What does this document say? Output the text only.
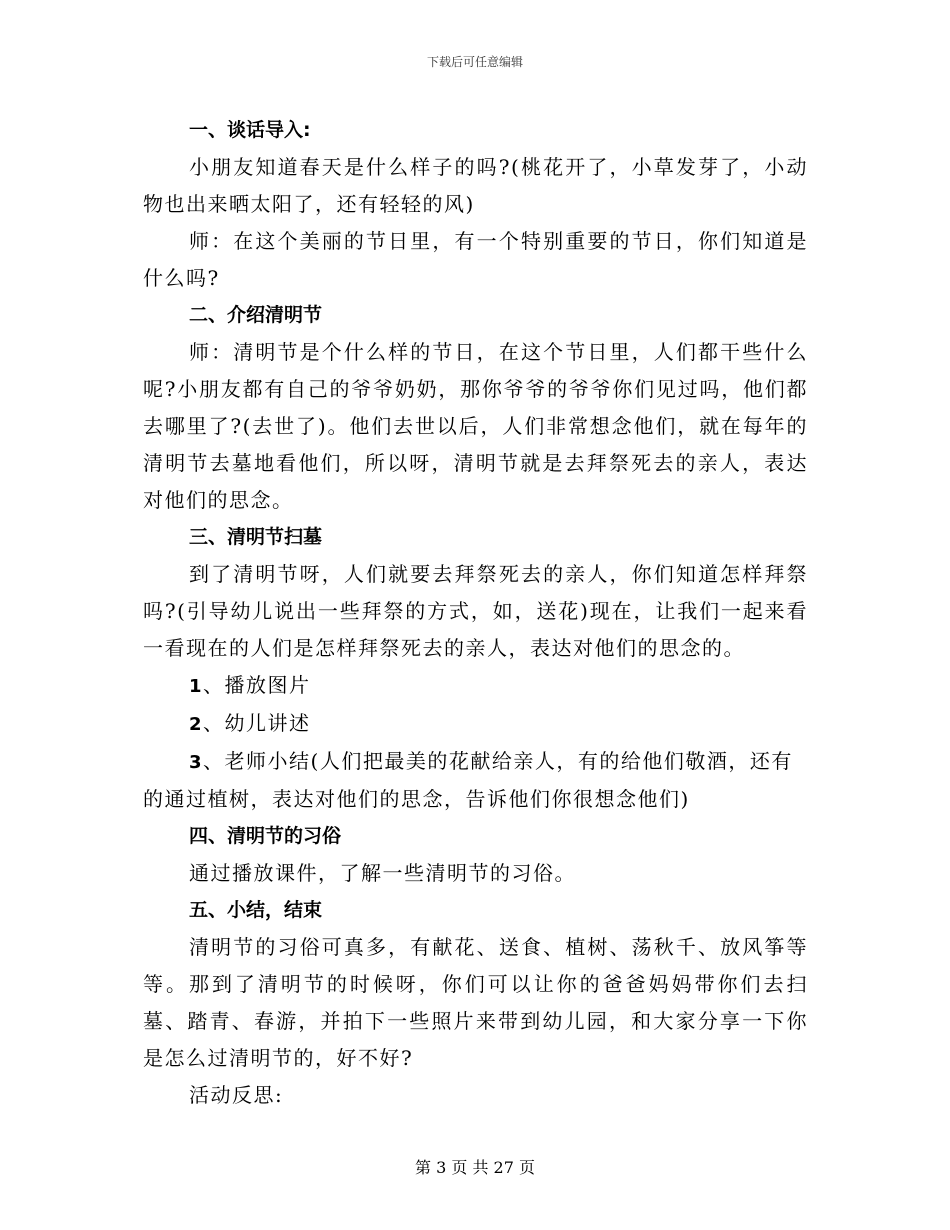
下载后可任意编辑

一、谈话导入:

小朋友知道春天是什么样子的吗?(桃花开了，小草发芽了，小动物也出来晒太阳了，还有轻轻的风)

师：在这个美丽的节日里，有一个特别重要的节日，你们知道是什么吗?

二、介绍清明节

师：清明节是个什么样的节日，在这个节日里，人们都干些什么呢?小朋友都有自己的爷爷奶奶，那你爷爷的爷爷你们见过吗，他们都去哪里了?(去世了)。他们去世以后，人们非常想念他们，就在每年的清明节去墓地看他们，所以呀，清明节就是去拜祭死去的亲人，表达对他们的思念。

三、清明节扫墓

到了清明节呀，人们就要去拜祭死去的亲人，你们知道怎样拜祭吗?(引导幼儿说出一些拜祭的方式，如，送花)现在，让我们一起来看一看现在的人们是怎样拜祭死去的亲人，表达对他们的思念的。

1、播放图片

2、幼儿讲述

3、老师小结(人们把最美的花献给亲人，有的给他们敬酒，还有的通过植树，表达对他们的思念，告诉他们你很想念他们)

四、清明节的习俗

通过播放课件，了解一些清明节的习俗。

五、小结，结束

清明节的习俗可真多，有献花、送食、植树、荡秋千、放风筝等等。那到了清明节的时候呀，你们可以让你的爸爸妈妈带你们去扫墓、踏青、春游，并拍下一些照片来带到幼儿园，和大家分享一下你是怎么过清明节的，好不好?

活动反思:

第 3 页 共 27 页
